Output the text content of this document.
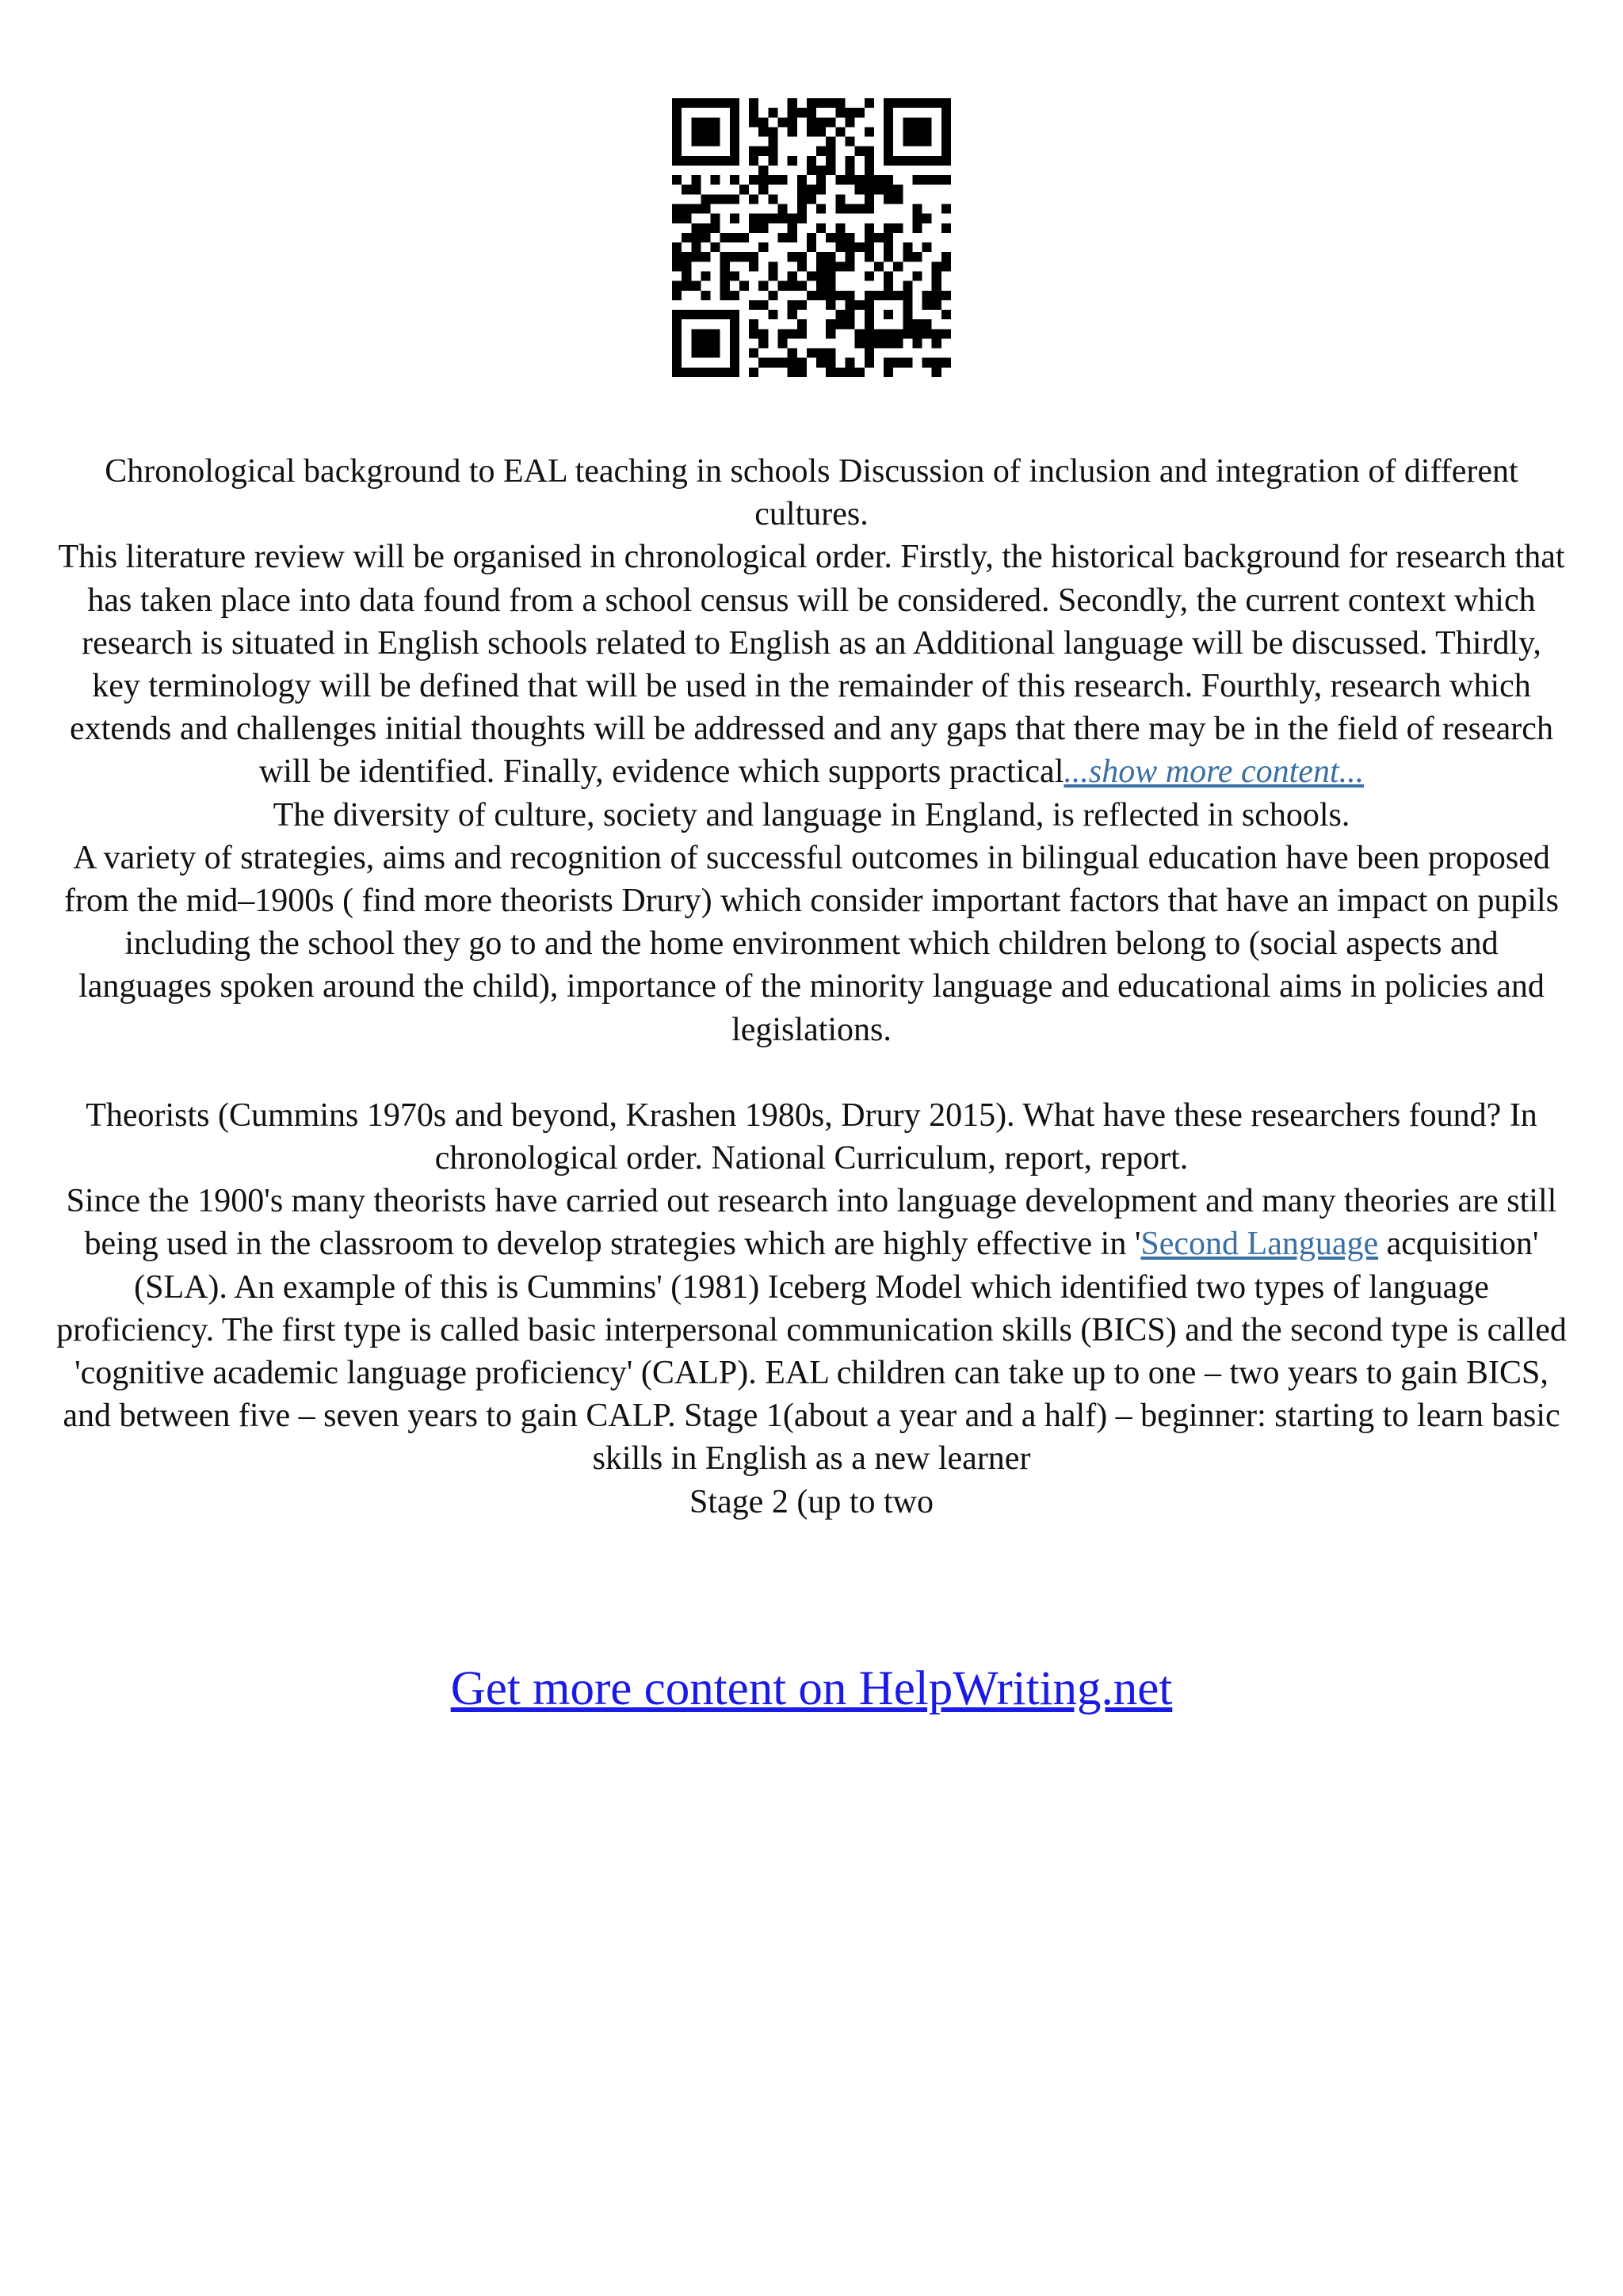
Chronological background to EAL teaching in schools Discussion of inclusion and integration of different cultures.

This literature review will be organised in chronological order. Firstly, the historical background for research that has taken place into data found from a school census will be considered. Secondly, the current context which research is situated in English schools related to English as an Additional language will be discussed. Thirdly, key terminology will be defined that will be used in the remainder of this research. Fourthly, research which extends and challenges initial thoughts will be addressed and any gaps that there may be in the field of research will be identified. Finally, evidence which supports practical...show more content...

The diversity of culture, society and language in England, is reflected in schools.

A variety of strategies, aims and recognition of successful outcomes in bilingual education have been proposed from the mid–1900s ( find more theorists Drury) which consider important factors that have an impact on pupils including the school they go to and the home environment which children belong to (social aspects and languages spoken around the child), importance of the minority language and educational aims in policies and legislations.

Theorists (Cummins 1970s and beyond, Krashen 1980s, Drury 2015). What have these researchers found? In chronological order. National Curriculum, report, report.

Since the 1900's many theorists have carried out research into language development and many theories are still being used in the classroom to develop strategies which are highly effective in 'Second Language acquisition' (SLA). An example of this is Cummins' (1981) Iceberg Model which identified two types of language proficiency. The first type is called basic interpersonal communication skills (BICS) and the second type is called 'cognitive academic language proficiency' (CALP). EAL children can take up to one – two years to gain BICS, and between five – seven years to gain CALP. Stage 1(about a year and a half) – beginner: starting to learn basic skills in English as a new learner

Stage 2 (up to two

Get more content on HelpWriting.net
